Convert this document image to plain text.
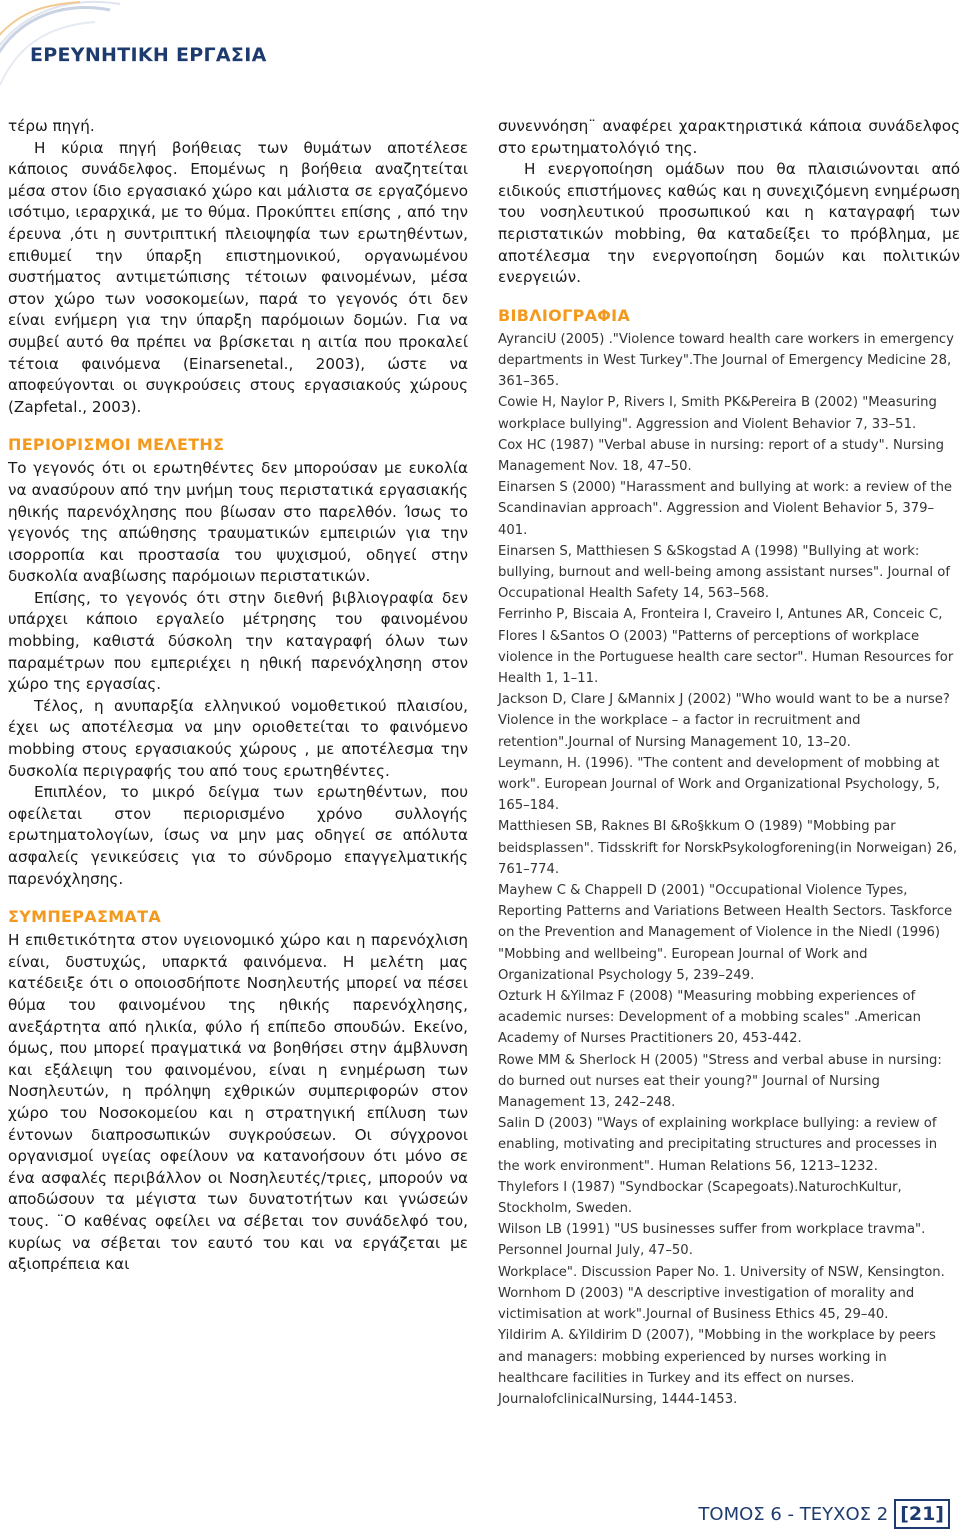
ΕΡΕΥΝΗΤΙΚΗ ΕΡΓΑΣΙΑ

τέρω πηγή.

Η κύρια πηγή βοήθειας των θυμάτων αποτέλεσε κάποιος συνάδελφος. Επομένως η βοήθεια αναζητείται μέσα στον ίδιο εργασιακό χώρο και μάλιστα σε εργαζόμενο ισότιμο, ιεραρχικά, με το θύμα. Προκύπτει επίσης , από την έρευνα ,ότι η συντριπτική πλειοψηφία των ερωτηθέντων, επιθυμεί την ύπαρξη επιστημονικού, οργανωμένου συστήματος αντιμετώπισης τέτοιων φαινομένων, μέσα στον χώρο των νοσοκομείων, παρά το γεγονός ότι δεν είναι ενήμερη για την ύπαρξη παρόμοιων δομών. Για να συμβεί αυτό θα πρέπει να βρίσκεται η αιτία που προκαλεί τέτοια φαινόμενα (Einarsenetal., 2003), ώστε να αποφεύγονται οι συγκρούσεις στους εργασιακούς χώρους (Zapfetal., 2003).

ΠΕΡΙΟΡΙΣΜΟΙ ΜΕΛΕΤΗΣ

Το γεγονός ότι οι ερωτηθέντες δεν μπορούσαν με ευκολία να ανασύρουν από την μνήμη τους περιστατικά εργασιακής ηθικής παρενόχλησης που βίωσαν στο παρελθόν. Ίσως το γεγονός της απώθησης τραυματικών εμπειριών για την ισορροπία και προστασία του ψυχισμού, οδηγεί στην δυσκολία αναβίωσης παρόμοιων περιστατικών.

Επίσης, το γεγονός ότι στην διεθνή βιβλιογραφία δεν υπάρχει κάποιο εργαλείο μέτρησης του φαινομένου mobbing, καθιστά δύσκολη την καταγραφή όλων των παραμέτρων που εμπεριέχει η ηθική παρενόχλησηη στον χώρο της εργασίας.

Τέλος, η ανυπαρξία ελληνικού νομοθετικού πλαισίου, έχει ως αποτέλεσμα να μην οριοθετείται το φαινόμενο mobbing στους εργασιακούς χώρους , με αποτέλεσμα την δυσκολία περιγραφής του από τους ερωτηθέντες.

Επιπλέον, το μικρό δείγμα των ερωτηθέντων, που οφείλεται στον περιορισμένο χρόνο συλλογής ερωτηματολογίων, ίσως να μην μας οδηγεί σε απόλυτα ασφαλείς γενικεύσεις για το σύνδρομο επαγγελματικής παρενόχλησης.

ΣΥΜΠΕΡΑΣΜΑΤΑ

Η επιθετικότητα στον υγειονομικό χώρο και η παρενόχλιση είναι, δυστυχώς, υπαρκτά φαινόμενα. Η μελέτη μας κατέδειξε ότι ο οποιοσδήποτε Νοσηλευτής μπορεί να πέσει θύμα του φαινομένου της ηθικής παρενόχλησης, ανεξάρτητα από ηλικία, φύλο ή επίπεδο σπουδών. Εκείνο, όμως, που μπορεί πραγματικά να βοηθήσει στην άμβλυνση και εξάλειψη του φαινομένου, είναι η ενημέρωση των Νοσηλευτών, η πρόληψη εχθρικών συμπεριφορών στον χώρο του Νοσοκομείου και η στρατηγική επίλυση των έντονων διαπροσωπικών συγκρούσεων. Οι σύγχρονοι οργανισμοί υγείας οφείλουν να κατανοήσουν ότι μόνο σε ένα ασφαλές περιβάλλον οι Νοσηλευτές/τριες, μπορούν να αποδώσουν τα μέγιστα των δυνατοτήτων και γνώσεών τους. ¨Ο καθένας οφείλει να σέβεται τον συνάδελφό του, κυρίως να σέβεται τον εαυτό του και να εργάζεται με αξιοπρέπεια και

συνεννόηση¨ αναφέρει χαρακτηριστικά κάποια συνάδελφος στο ερωτηματολόγιό της.

Η ενεργοποίηση ομάδων που θα πλαισιώνονται από ειδικούς επιστήμονες καθώς και η συνεχιζόμενη ενημέρωση του νοσηλευτικού προσωπικού και η καταγραφή των περιστατικών mobbing, θα καταδείξει το πρόβλημα, με αποτέλεσμα την ενεργοποίηση δομών και πολιτικών ενεργειών.

ΒΙΒΛΙΟΓΡΑΦΙΑ

AyranciU (2005) ."Violence toward health care workers in emergency departments in West Turkey".The Journal of Emergency Medicine 28, 361–365.

Cowie H, Naylor P, Rivers I, Smith PK&Pereira B (2002) "Measuring workplace bullying". Aggression and Violent Behavior 7, 33–51.

Cox HC (1987) "Verbal abuse in nursing: report of a study". Nursing Management Nov. 18, 47–50.

Einarsen S (2000) "Harassment and bullying at work: a review of the Scandinavian approach". Aggression and Violent Behavior 5, 379–401.

Einarsen S, Matthiesen S &Skogstad A (1998) "Bullying at work: bullying, burnout and well-being among assistant nurses". Journal of Occupational Health Safety 14, 563–568.

Ferrinho P, Biscaia A, Fronteira I, Craveiro I, Antunes AR, Conceic C, Flores I &Santos O (2003) "Patterns of perceptions of workplace violence in the Portuguese health care sector". Human Resources for Health 1, 1–11.

Jackson D, Clare J &Mannix J (2002) "Who would want to be a nurse?Violence in the workplace – a factor in recruitment and retention".Journal of Nursing Management 10, 13–20.

Leymann, H. (1996). "The content and development of mobbing at work". European Journal of Work and Organizational Psychology, 5, 165–184.

Matthiesen SB, Raknes BI &Ro§kkum O (1989) "Mobbing par beidsplassen". Tidsskrift for NorskPsykologforening(in Norweigan) 26, 761–774.

Mayhew C & Chappell D (2001) "Occupational Violence Types, Reporting Patterns and Variations Between Health Sectors. Taskforce on the Prevention and Management of Violence in the Niedl (1996) "Mobbing and wellbeing". European Journal of Work and Organizational Psychology 5, 239–249.

Ozturk H &Yilmaz F (2008) "Measuring mobbing experiences of academic nurses: Development of a mobbing scales" .American Academy of Nurses Practitioners 20, 453-442.

Rowe MM & Sherlock H (2005) "Stress and verbal abuse in nursing: do burned out nurses eat their young?" Journal of Nursing Management 13, 242–248.

Salin D (2003) "Ways of explaining workplace bullying: a review of enabling, motivating and precipitating structures and processes in the work environment". Human Relations 56, 1213–1232.

Thylefors I (1987) "Syndbockar (Scapegoats).NaturochKultur, Stockholm, Sweden.

Wilson LB (1991) "US businesses suffer from workplace travma". Personnel Journal July, 47–50.

Workplace". Discussion Paper No. 1. University of NSW, Kensington.

Wornhom D (2003) "A descriptive investigation of morality and victimisation at work".Journal of Business Ethics 45, 29–40.

Yildirim A. &Yildirim D (2007), "Mobbing in the workplace by peers and managers: mobbing experienced by nurses working in healthcare facilities in Turkey and its effect on nurses. JournalofclinicalNursing, 1444-1453.

ΤΟΜΟΣ 6 - ΤΕΥΧΟΣ 2 [21]
